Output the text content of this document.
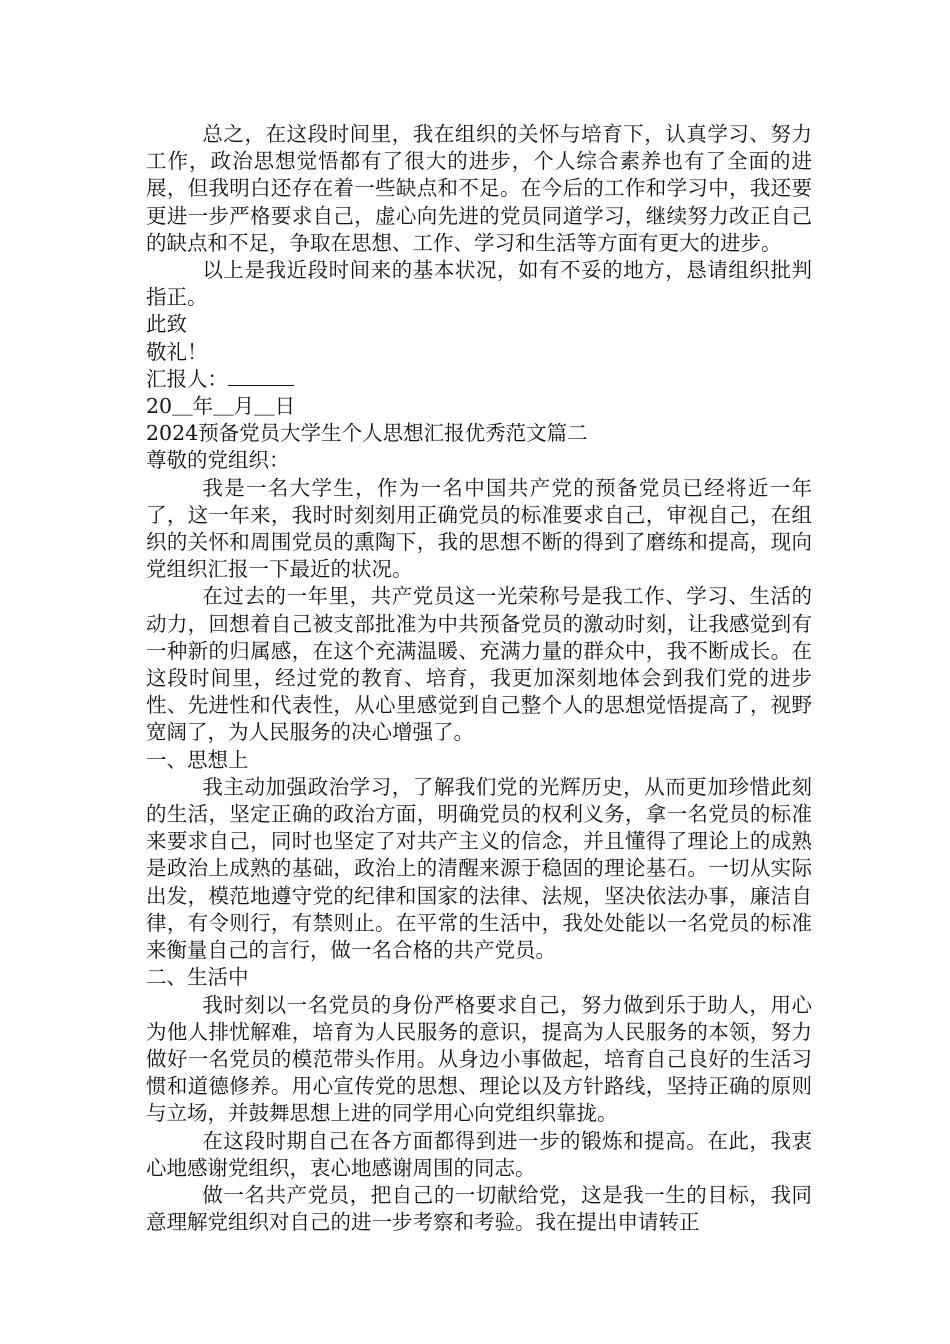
总之，在这段时间里，我在组织的关怀与培育下，认真学习、努力工作，政治思想觉悟都有了很大的进步，个人综合素养也有了全面的进展，但我明白还存在着一些缺点和不足。在今后的工作和学习中，我还要更进一步严格要求自己，虚心向先进的党员同道学习，继续努力改正自己的缺点和不足，争取在思想、工作、学习和生活等方面有更大的进步。

以上是我近段时间来的基本状况，如有不妥的地方，恳请组织批判指正。

此致

敬礼！

汇报人：

20＿年＿月＿日

2024预备党员大学生个人思想汇报优秀范文篇二

尊敬的党组织：

我是一名大学生，作为一名中国共产党的预备党员已经将近一年了，这一年来，我时时刻刻用正确党员的标准要求自己，审视自己，在组织的关怀和周围党员的熏陶下，我的思想不断的得到了磨练和提高，现向党组织汇报一下最近的状况。

在过去的一年里，共产党员这一光荣称号是我工作、学习、生活的动力，回想着自己被支部批准为中共预备党员的激动时刻，让我感觉到有一种新的归属感，在这个充满温暖、充满力量的群众中，我不断成长。在这段时间里，经过党的教育、培育，我更加深刻地体会到我们党的进步性、先进性和代表性，从心里感觉到自己整个人的思想觉悟提高了，视野宽阔了，为人民服务的决心增强了。

一、思想上

我主动加强政治学习，了解我们党的光辉历史，从而更加珍惜此刻的生活，坚定正确的政治方面，明确党员的权利义务，拿一名党员的标准来要求自己，同时也坚定了对共产主义的信念，并且懂得了理论上的成熟是政治上成熟的基础，政治上的清醒来源于稳固的理论基石。一切从实际出发，模范地遵守党的纪律和国家的法律、法规，坚决依法办事，廉洁自律，有令则行，有禁则止。在平常的生活中，我处处能以一名党员的标准来衡量自己的言行，做一名合格的共产党员。

二、生活中

我时刻以一名党员的身份严格要求自己，努力做到乐于助人，用心为他人排忧解难，培育为人民服务的意识，提高为人民服务的本领，努力做好一名党员的模范带头作用。从身边小事做起，培育自己良好的生活习惯和道德修养。用心宣传党的思想、理论以及方针路线，坚持正确的原则与立场，并鼓舞思想上进的同学用心向党组织靠拢。

在这段时期自己在各方面都得到进一步的锻炼和提高。在此，我衷心地感谢党组织，衷心地感谢周围的同志。

做一名共产党员，把自己的一切献给党，这是我一生的目标，我同意理解党组织对自己的进一步考察和考验。我在提出申请转正
